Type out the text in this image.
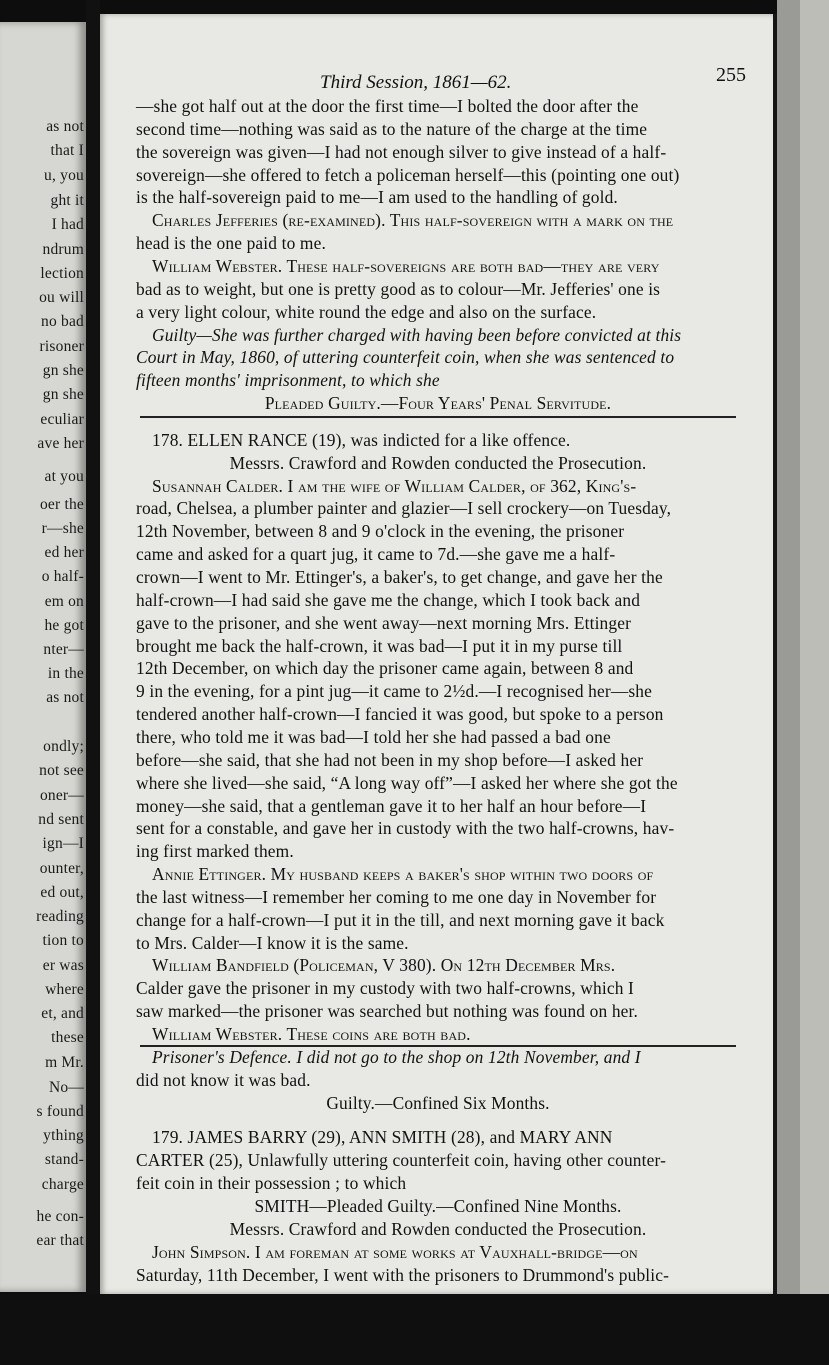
as not
that I
u, you
ght it
I had
ndrum
lection
ou will
no bad
risoner
gn she
gn she
eculiar
ave her
at you
oer the
r—she
ed her
o half-
em on
he got
nter—
in the
as not
ondly;
not see
oner—
nd sent
ign—I
ounter,
ed out,
reading
tion to
er was
where
et, and
these
m Mr.
No—
s found
ything
stand-
charge
he con-
ear that
Third Session, 1861—62.	255
—she got half out at the door the first time—I bolted the door after the
second time—nothing was said as to the nature of the charge at the time
the sovereign was given—I had not enough silver to give instead of a half-
sovereign—she offered to fetch a policeman herself—this (pointing one out)
is the half-sovereign paid to me—I am used to the handling of gold.
Charles Jefferies (re-examined). This half-sovereign with a mark on the
head is the one paid to me.
William Webster. These half-sovereigns are both bad—they are very
bad as to weight, but one is pretty good as to colour—Mr. Jefferies' one is
a very light colour, white round the edge and also on the surface.
Guilty—She was further charged with having been before convicted at this
Court in May, 1860, of uttering counterfeit coin, when she was sentenced to
fifteen months' imprisonment, to which she
Pleaded Guilty.—Four Years' Penal Servitude.
178. ELLEN RANCE (19), was indicted for a like offence.
Messrs. Crawford and Rowden conducted the Prosecution.
Susannah Calder. I am the wife of William Calder, of 362, King's-
road, Chelsea, a plumber painter and glazier—I sell crockery—on Tuesday,
12th November, between 8 and 9 o'clock in the evening, the prisoner
came and asked for a quart jug, it came to 7d.—she gave me a half-
crown—I went to Mr. Ettinger's, a baker's, to get change, and gave her the
half-crown—I had said she gave me the change, which I took back and
gave to the prisoner, and she went away—next morning Mrs. Ettinger
brought me back the half-crown, it was bad—I put it in my purse till
12th December, on which day the prisoner came again, between 8 and
9 in the evening, for a pint jug—it came to 2½d.—I recognised her—she
tendered another half-crown—I fancied it was good, but spoke to a person
there, who told me it was bad—I told her she had passed a bad one
before—she said, that she had not been in my shop before—I asked her
where she lived—she said, “A long way off”—I asked her where she got the
money—she said, that a gentleman gave it to her half an hour before—I
sent for a constable, and gave her in custody with the two half-crowns, hav-
ing first marked them.
Annie Ettinger. My husband keeps a baker's shop within two doors of
the last witness—I remember her coming to me one day in November for
change for a half-crown—I put it in the till, and next morning gave it back
to Mrs. Calder—I know it is the same.
William Bandfield (Policeman, V 380). On 12th December Mrs.
Calder gave the prisoner in my custody with two half-crowns, which I
saw marked—the prisoner was searched but nothing was found on her.
William Webster. These coins are both bad.
Prisoner's Defence. I did not go to the shop on 12th November, and I
did not know it was bad.
Guilty.—Confined Six Months.
179. JAMES BARRY (29), ANN SMITH (28), and MARY ANN
CARTER (25), Unlawfully uttering counterfeit coin, having other counter-
feit coin in their possession ; to which
SMITH—Pleaded Guilty.—Confined Nine Months.
Messrs. Crawford and Rowden conducted the Prosecution.
John Simpson. I am foreman at some works at Vauxhall-bridge—on
Saturday, 11th December, I went with the prisoners to Drummond's public-
